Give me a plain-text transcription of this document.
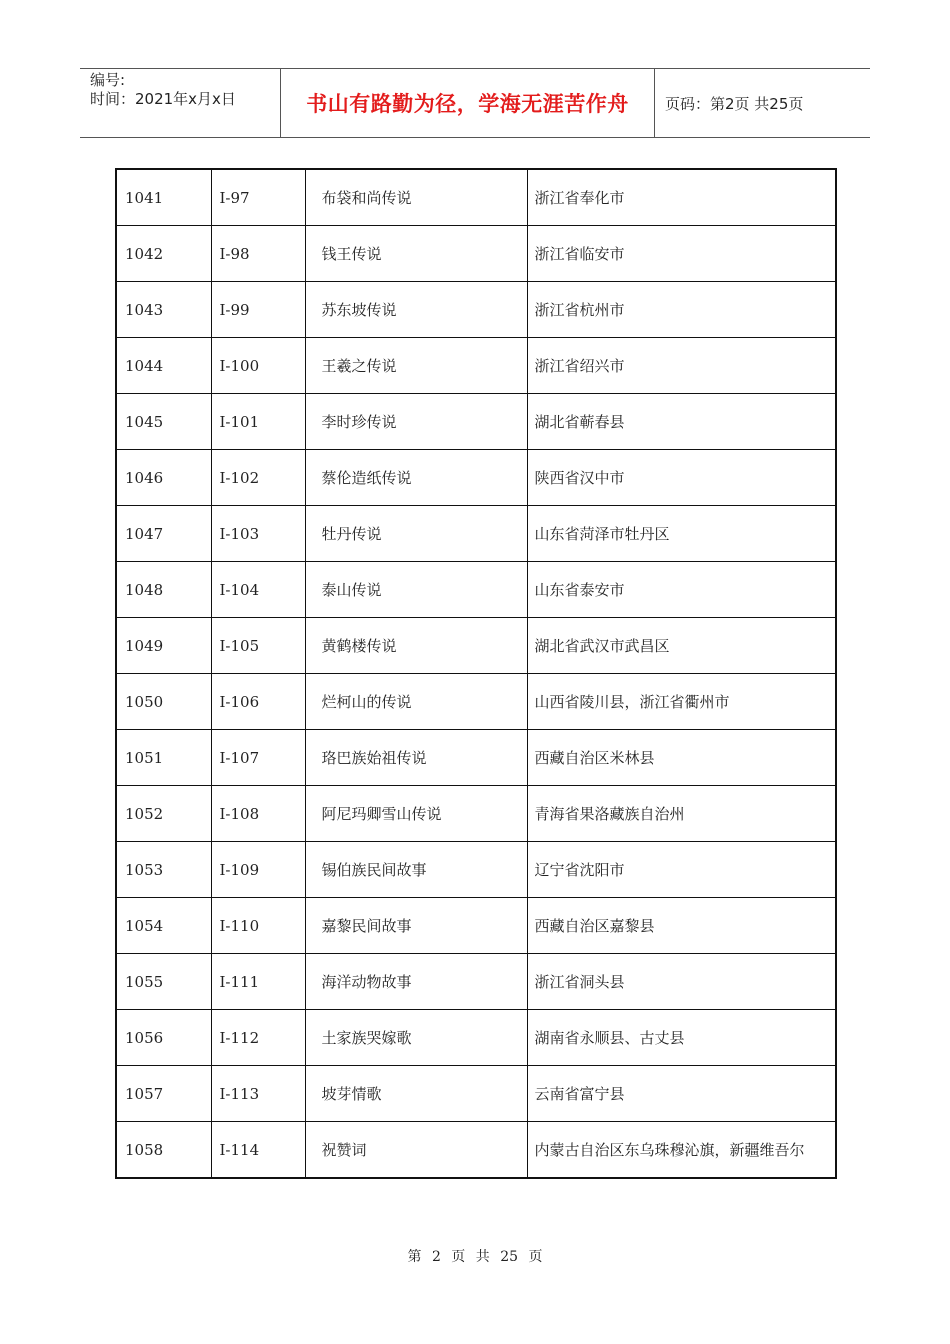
编号:
时间：2021年x月x日	书山有路勤为径，学海无涯苦作舟	页码：第2页 共25页
1041	I-97	布袋和尚传说	浙江省奉化市
1042	I-98	钱王传说	浙江省临安市
1043	I-99	苏东坡传说	浙江省杭州市
1044	I-100	王羲之传说	浙江省绍兴市
1045	I-101	李时珍传说	湖北省蕲春县
1046	I-102	蔡伦造纸传说	陕西省汉中市
1047	I-103	牡丹传说	山东省菏泽市牡丹区
1048	I-104	泰山传说	山东省泰安市
1049	I-105	黄鹤楼传说	湖北省武汉市武昌区
1050	I-106	烂柯山的传说	山西省陵川县，浙江省衢州市
1051	I-107	珞巴族始祖传说	西藏自治区米林县
1052	I-108	阿尼玛卿雪山传说	青海省果洛藏族自治州
1053	I-109	锡伯族民间故事	辽宁省沈阳市
1054	I-110	嘉黎民间故事	西藏自治区嘉黎县
1055	I-111	海洋动物故事	浙江省洞头县
1056	I-112	土家族哭嫁歌	湖南省永顺县、古丈县
1057	I-113	坡芽情歌	云南省富宁县
1058	I-114	祝赞词	内蒙古自治区东乌珠穆沁旗，新疆维吾尔
第 2 页 共 25 页
